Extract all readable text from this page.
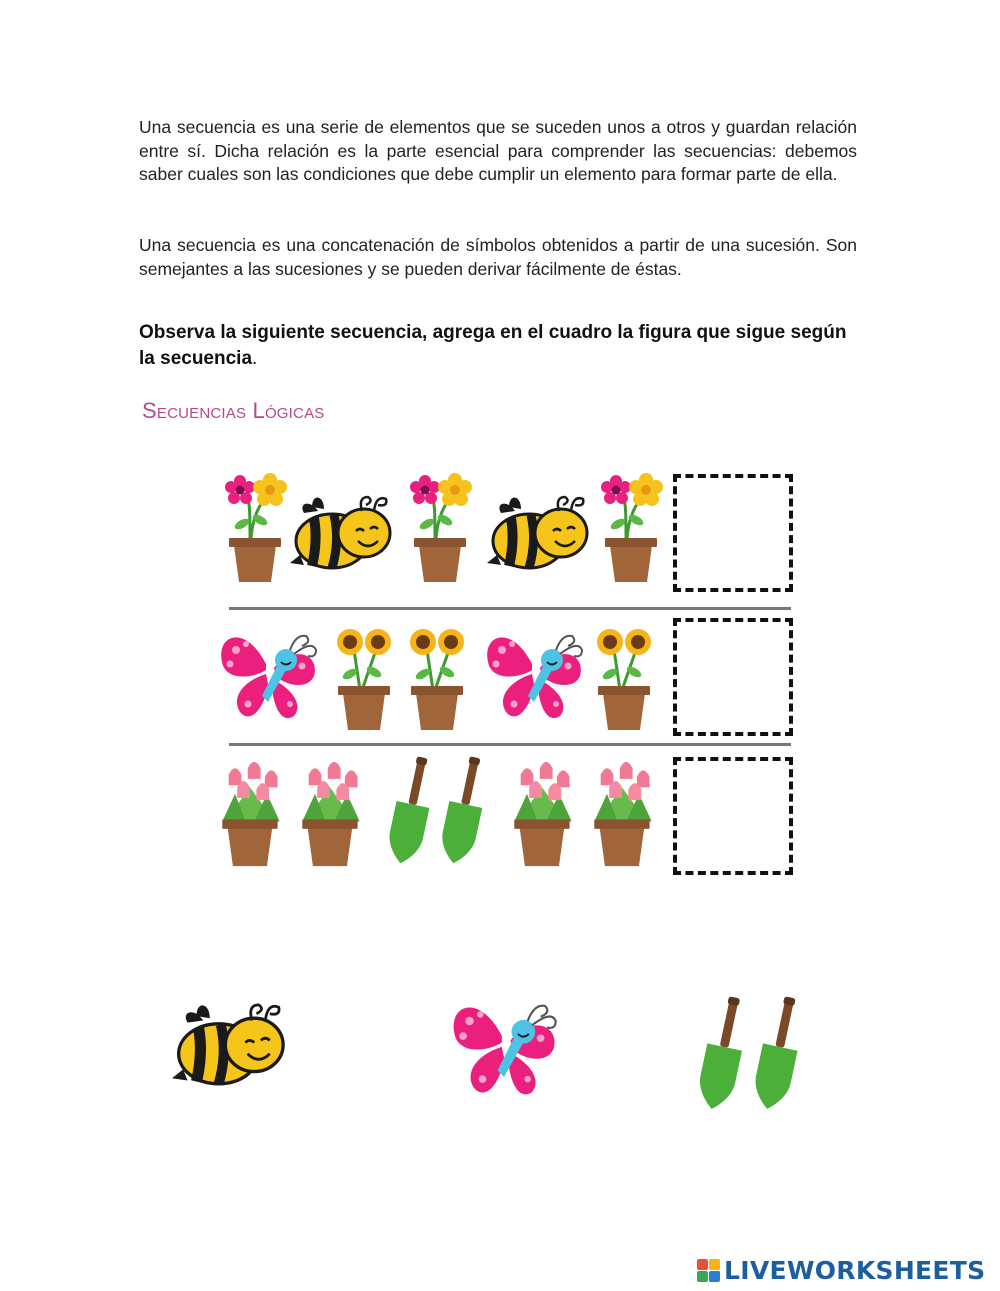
Una secuencia es una serie de elementos que se suceden unos a otros y guardan relación entre sí. Dicha relación es la parte esencial para comprender las secuencias: debemos saber cuales son las condiciones que debe cumplir un elemento para formar parte de ella.

Una secuencia es una concatenación de símbolos obtenidos a partir de una sucesión. Son semejantes a las sucesiones y se pueden derivar fácilmente de éstas.

Observa la siguiente secuencia, agrega en el cuadro la figura que sigue según la secuencia.

Secuencias Lógicas
LIVEWORKSHEETS
